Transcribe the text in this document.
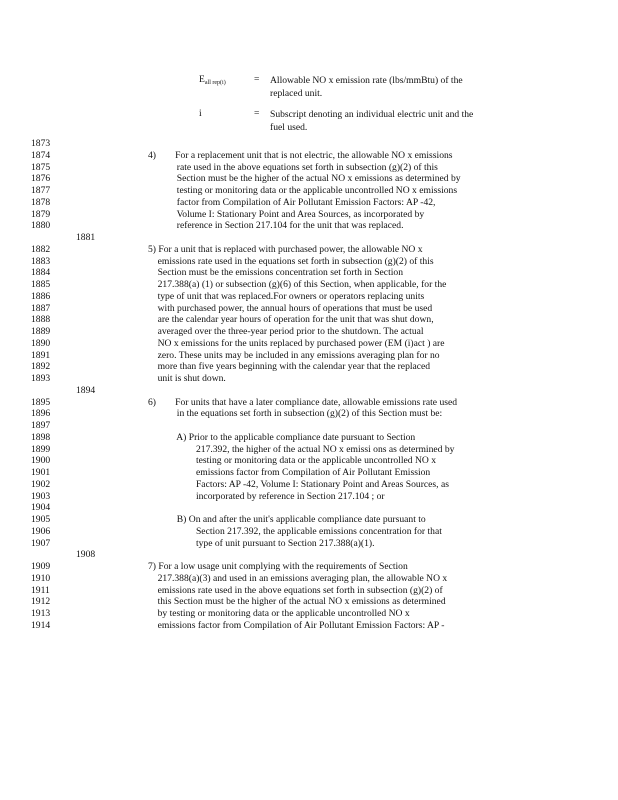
$E_{all rep(i)}$	= Allowable NO x emission rate (lbs/mmBtu) of the
replaced unit.
i	= Subscript denoting an individual electric unit and the
fuel used.
1873
1874	4)        For a replacement unit that is not electric, the allowable NO x emissions
1875	rate used in the above equations set forth in subsection (g)(2) of this
1876	Section must be the higher of the actual NO x emissions as determined by
1877	testing or monitoring data or the applicable uncontrolled NO x emissions
1878	factor from Compilation of Air Pollutant Emission Factors: AP -42,
1879	Volume I: Stationary Point and Area Sources, as incorporated by
1880	reference in Section 217.104 for the unit that was replaced.
1881
1882	5) For a unit that is replaced with purchased power, the allowable NO x
1883	emissions rate used in the equations set forth in subsection (g)(2) of this
1884	Section must be the emissions concentration set forth in Section
1885	217.388(a) (1) or subsection (g)(6) of this Section, when applicable, for the
1886	type of unit that was replaced.For owners or operators replacing units
1887	with purchased power, the annual hours of operations that must be used
1888	are the calendar year hours of operation for the unit that was shut down,
1889	averaged over the three-year period prior to the shutdown. The actual
1890	NO x emissions for the units replaced by purchased power (EM (i)act ) are
1891	zero. These units may be included in any emissions averaging plan for no
1892	more than five years beginning with the calendar year that the replaced
1893	unit is shut down.
1894
1895	6)        For units that have a later compliance date, allowable emissions rate used
1896	in the equations set forth in subsection (g)(2) of this Section must be:
1897
1898	A) Prior to the applicable compliance date pursuant to Section
1899	217.392, the higher of the actual NO x emissi ons as determined by
1900	testing or monitoring data or the applicable uncontrolled NO x
1901	emissions factor from Compilation of Air Pollutant Emission
1902	Factors: AP -42, Volume I: Stationary Point and Areas Sources, as
1903	incorporated by reference in Section 217.104 ; or
1904
1905	B) On and after the unit's applicable compliance date pursuant to
1906	Section 217.392, the applicable emissions concentration for that
1907	type of unit pursuant to Section 217.388(a)(1).
1908
1909	7) For a low usage unit complying with the requirements of Section
1910	217.388(a)(3) and used in an emissions averaging plan, the allowable NO x
1911	emissions rate used in the above equations set forth in subsection (g)(2) of
1912	this Section must be the higher of the actual NO x emissions as determined
1913	by testing or monitoring data or the applicable uncontrolled NO x
1914	emissions factor from Compilation of Air Pollutant Emission Factors: AP -
